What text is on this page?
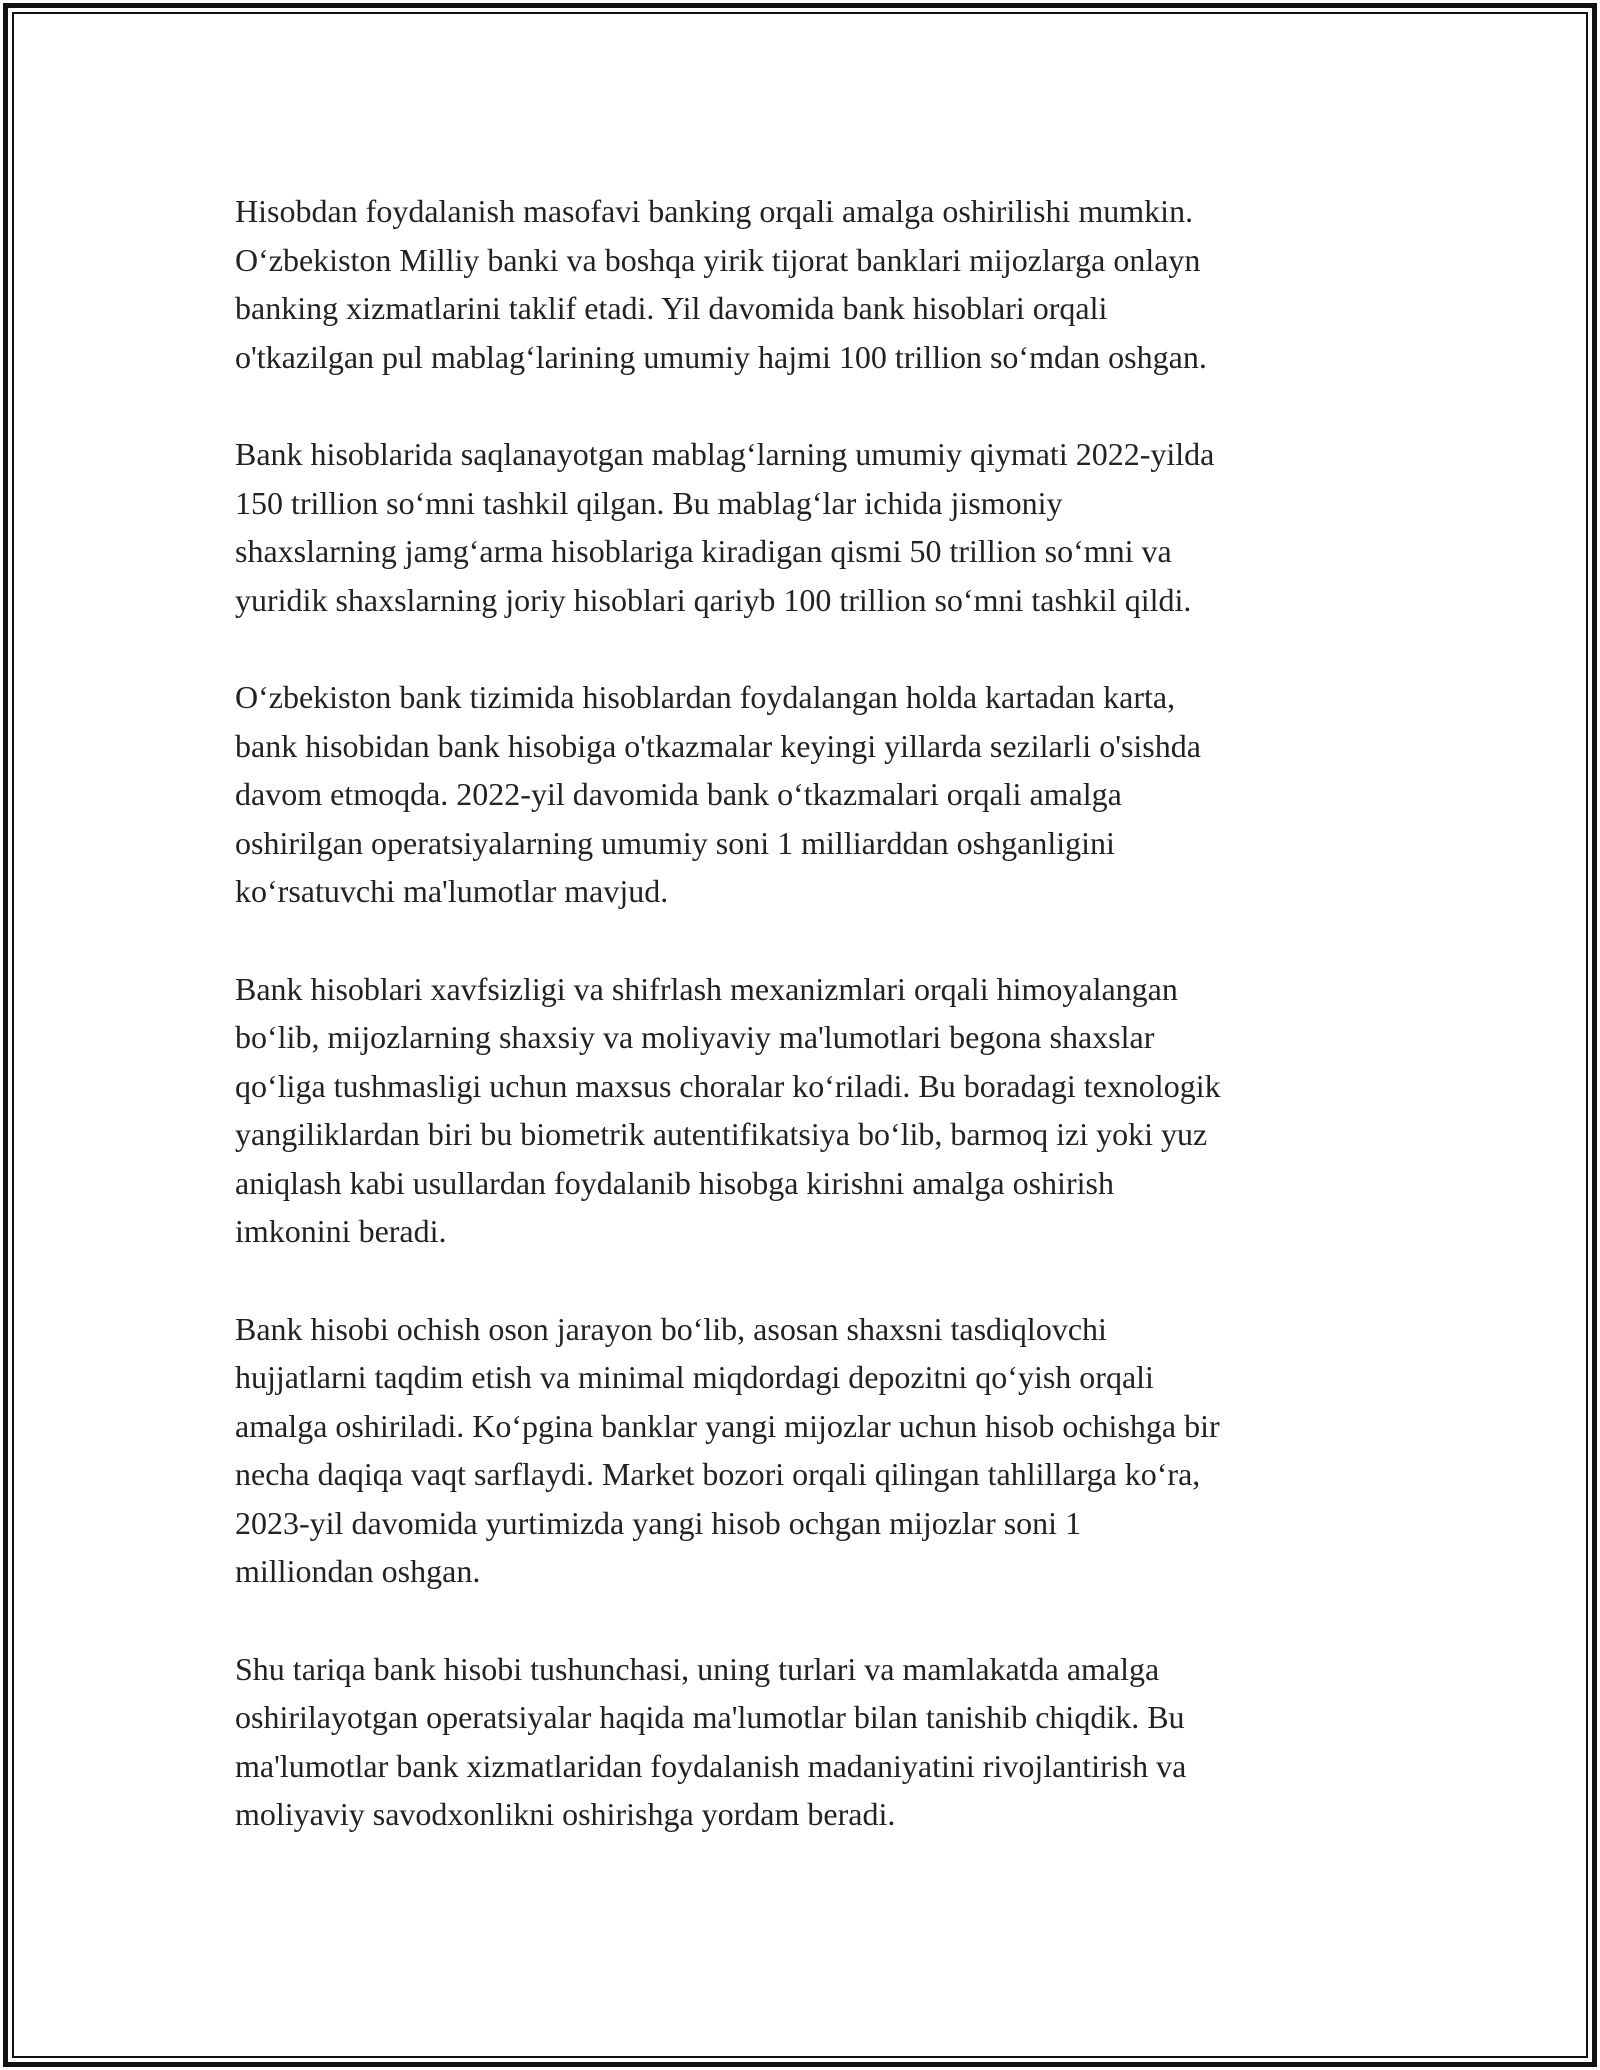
Hisobdan foydalanish masofavi banking orqali amalga oshirilishi mumkin.
O‘zbekiston Milliy banki va boshqa yirik tijorat banklari mijozlarga onlayn
banking xizmatlarini taklif etadi. Yil davomida bank hisoblari orqali
o'tkazilgan pul mablag‘larining umumiy hajmi 100 trillion so‘mdan oshgan.

Bank hisoblarida saqlanayotgan mablag‘larning umumiy qiymati 2022-yilda
150 trillion so‘mni tashkil qilgan. Bu mablag‘lar ichida jismoniy
shaxslarning jamg‘arma hisoblariga kiradigan qismi 50 trillion so‘mni va
yuridik shaxslarning joriy hisoblari qariyb 100 trillion so‘mni tashkil qildi.

O‘zbekiston bank tizimida hisoblardan foydalangan holda kartadan karta,
bank hisobidan bank hisobiga o'tkazmalar keyingi yillarda sezilarli o'sishda
davom etmoqda. 2022-yil davomida bank o‘tkazmalari orqali amalga
oshirilgan operatsiyalarning umumiy soni 1 milliarddan oshganligini
ko‘rsatuvchi ma'lumotlar mavjud.

Bank hisoblari xavfsizligi va shifrlash mexanizmlari orqali himoyalangan
bo‘lib, mijozlarning shaxsiy va moliyaviy ma'lumotlari begona shaxslar
qo‘liga tushmasligi uchun maxsus choralar ko‘riladi. Bu boradagi texnologik
yangiliklardan biri bu biometrik autentifikatsiya bo‘lib, barmoq izi yoki yuz
aniqlash kabi usullardan foydalanib hisobga kirishni amalga oshirish
imkonini beradi.

Bank hisobi ochish oson jarayon bo‘lib, asosan shaxsni tasdiqlovchi
hujjatlarni taqdim etish va minimal miqdordagi depozitni qo‘yish orqali
amalga oshiriladi. Ko‘pgina banklar yangi mijozlar uchun hisob ochishga bir
necha daqiqa vaqt sarflaydi. Market bozori orqali qilingan tahlillarga ko‘ra,
2023-yil davomida yurtimizda yangi hisob ochgan mijozlar soni 1
milliondan oshgan.

Shu tariqa bank hisobi tushunchasi, uning turlari va mamlakatda amalga
oshirilayotgan operatsiyalar haqida ma'lumotlar bilan tanishib chiqdik. Bu
ma'lumotlar bank xizmatlaridan foydalanish madaniyatini rivojlantirish va
moliyaviy savodxonlikni oshirishga yordam beradi.
